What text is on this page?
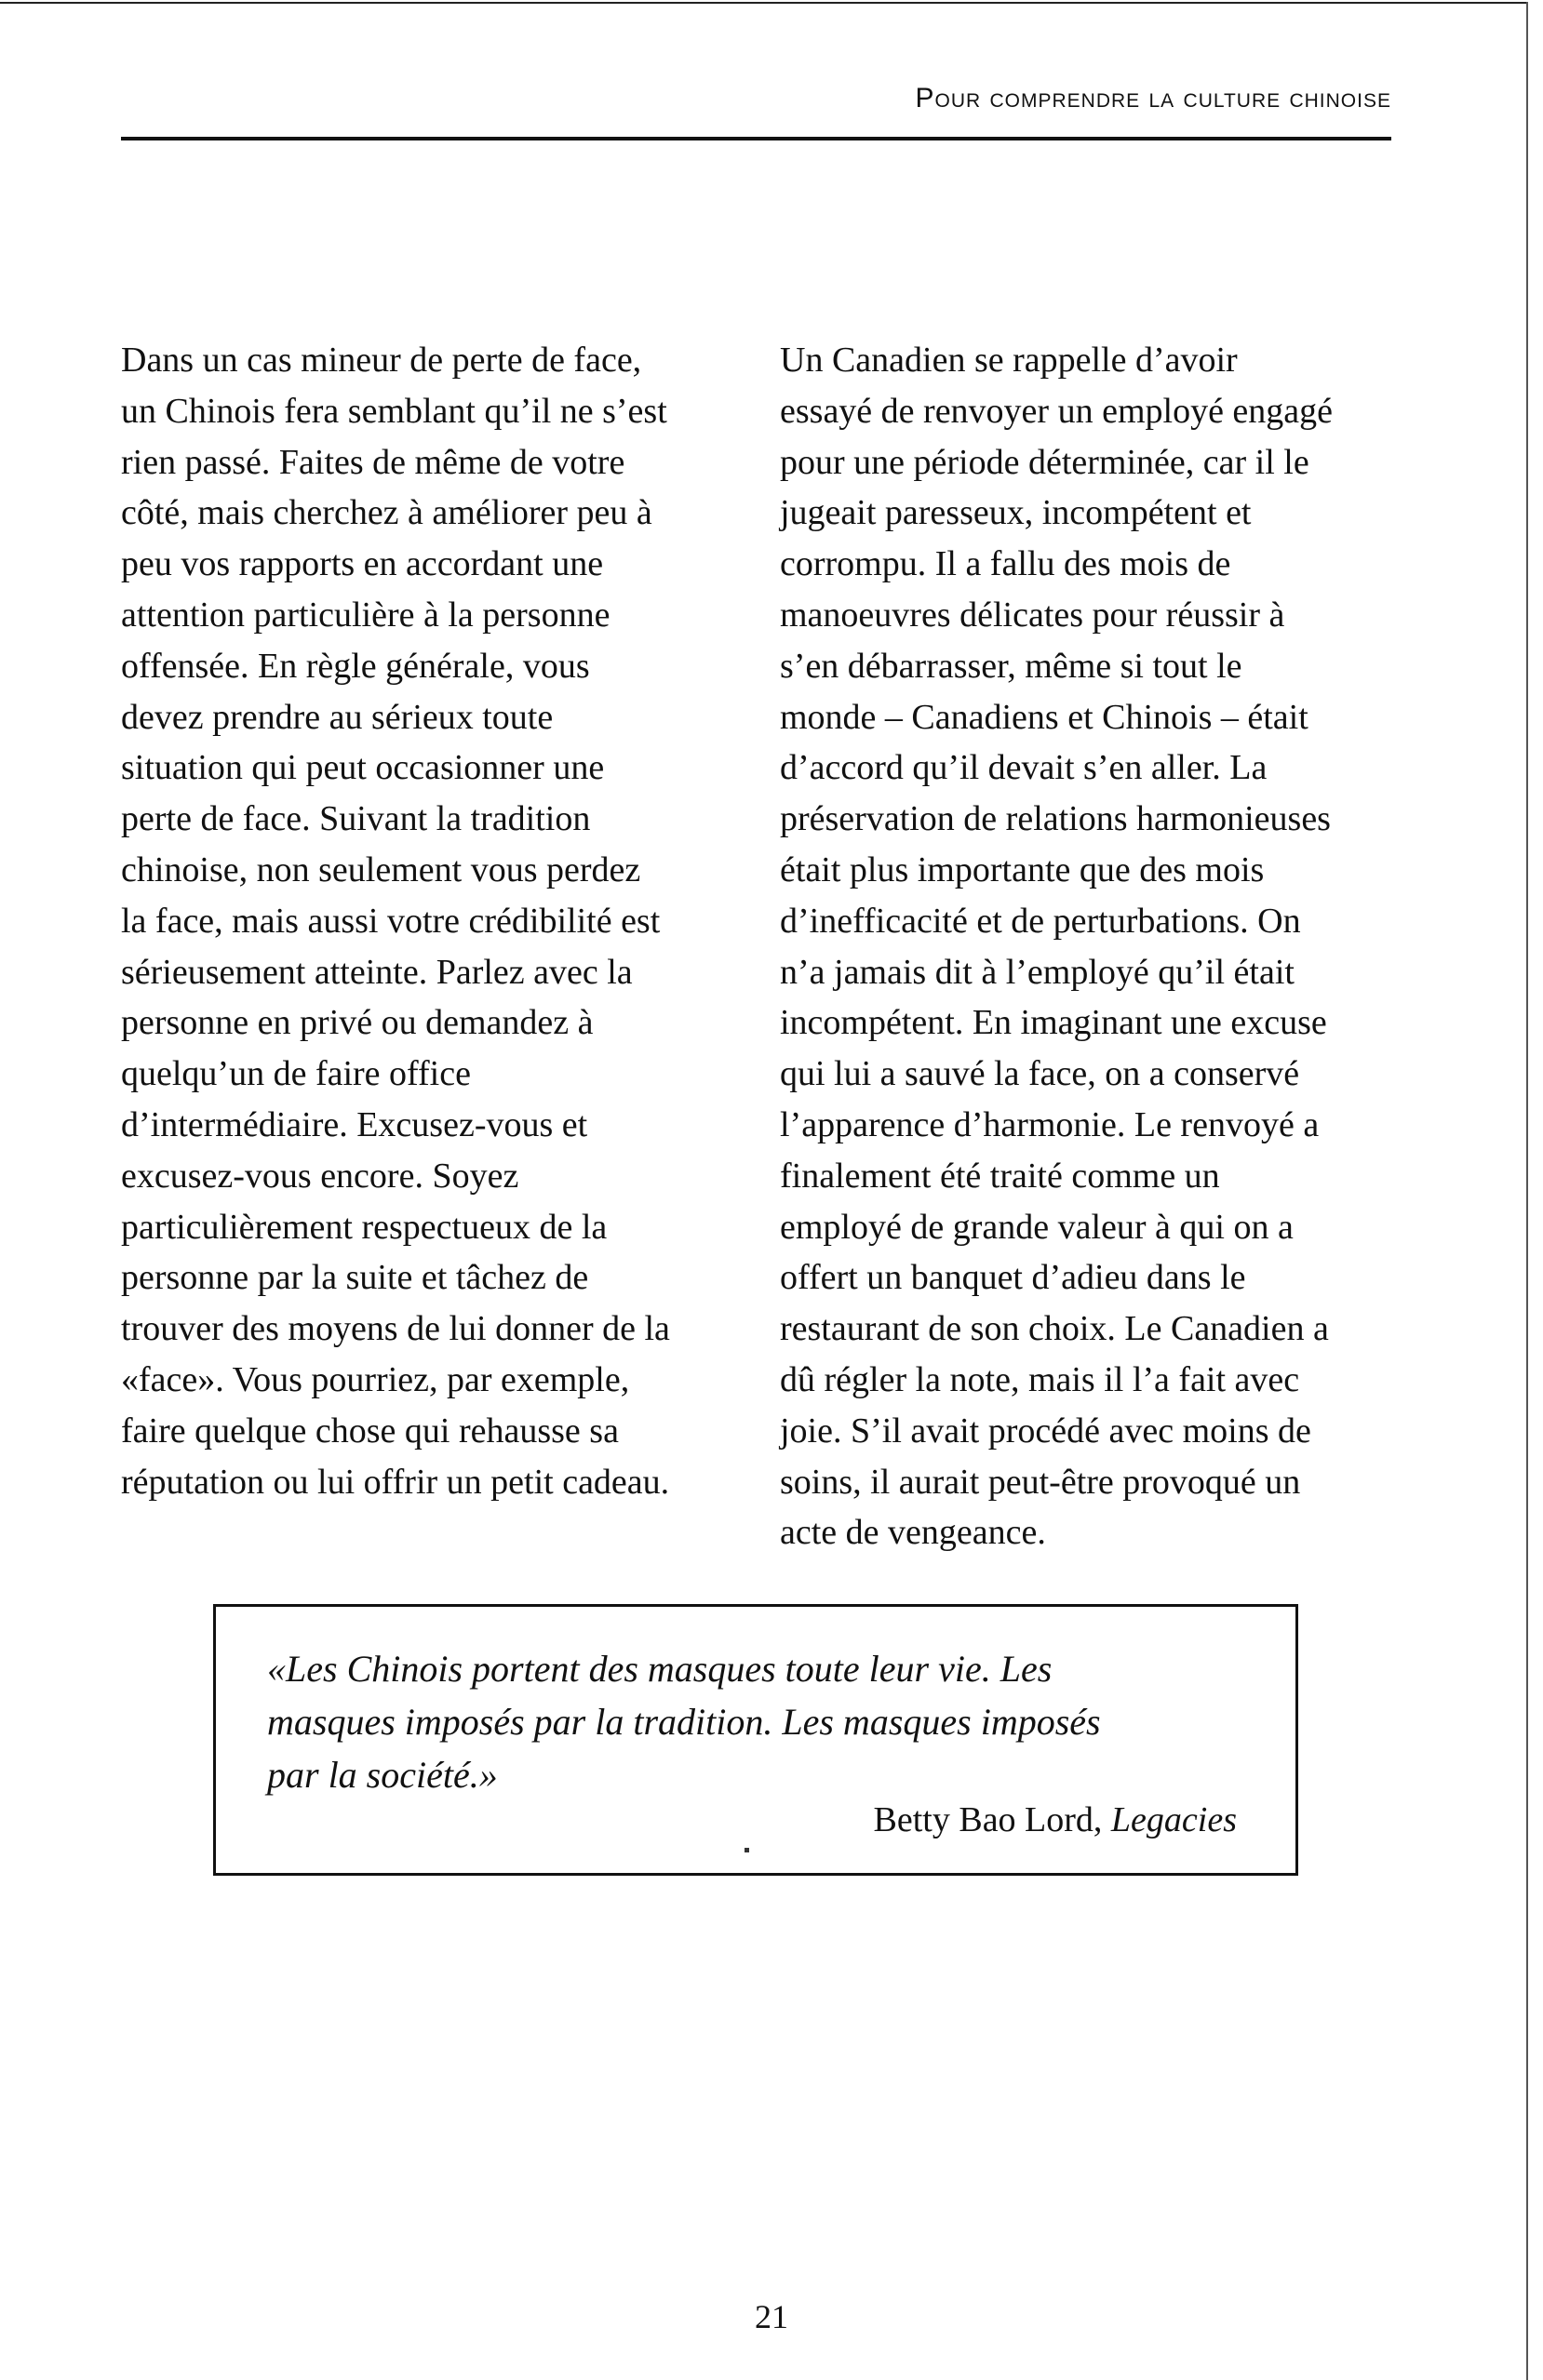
Pour comprendre la culture chinoise
Dans un cas mineur de perte de face,
un Chinois fera semblant qu’il ne s’est
rien passé. Faites de même de votre
côté, mais cherchez à améliorer peu à
peu vos rapports en accordant une
attention particulière à la personne
offensée. En règle générale, vous
devez prendre au sérieux toute
situation qui peut occasionner une
perte de face. Suivant la tradition
chinoise, non seulement vous perdez
la face, mais aussi votre crédibilité est
sérieusement atteinte. Parlez avec la
personne en privé ou demandez à
quelqu’un de faire office
d’intermédiaire. Excusez-vous et
excusez-vous encore. Soyez
particulièrement respectueux de la
personne par la suite et tâchez de
trouver des moyens de lui donner de la
«face». Vous pourriez, par exemple,
faire quelque chose qui rehausse sa
réputation ou lui offrir un petit cadeau.
Un Canadien se rappelle d’avoir
essayé de renvoyer un employé engagé
pour une période déterminée, car il le
jugeait paresseux, incompétent et
corrompu. Il a fallu des mois de
manoeuvres délicates pour réussir à
s’en débarrasser, même si tout le
monde – Canadiens et Chinois – était
d’accord qu’il devait s’en aller. La
préservation de relations harmonieuses
était plus importante que des mois
d’inefficacité et de perturbations. On
n’a jamais dit à l’employé qu’il était
incompétent. En imaginant une excuse
qui lui a sauvé la face, on a conservé
l’apparence d’harmonie. Le renvoyé a
finalement été traité comme un
employé de grande valeur à qui on a
offert un banquet d’adieu dans le
restaurant de son choix. Le Canadien a
dû régler la note, mais il l’a fait avec
joie. S’il avait procédé avec moins de
soins, il aurait peut-être provoqué un
acte de vengeance.
«Les Chinois portent des masques toute leur vie. Les
masques imposés par la tradition. Les masques imposés
par la société.»
Betty Bao Lord, Legacies
21
